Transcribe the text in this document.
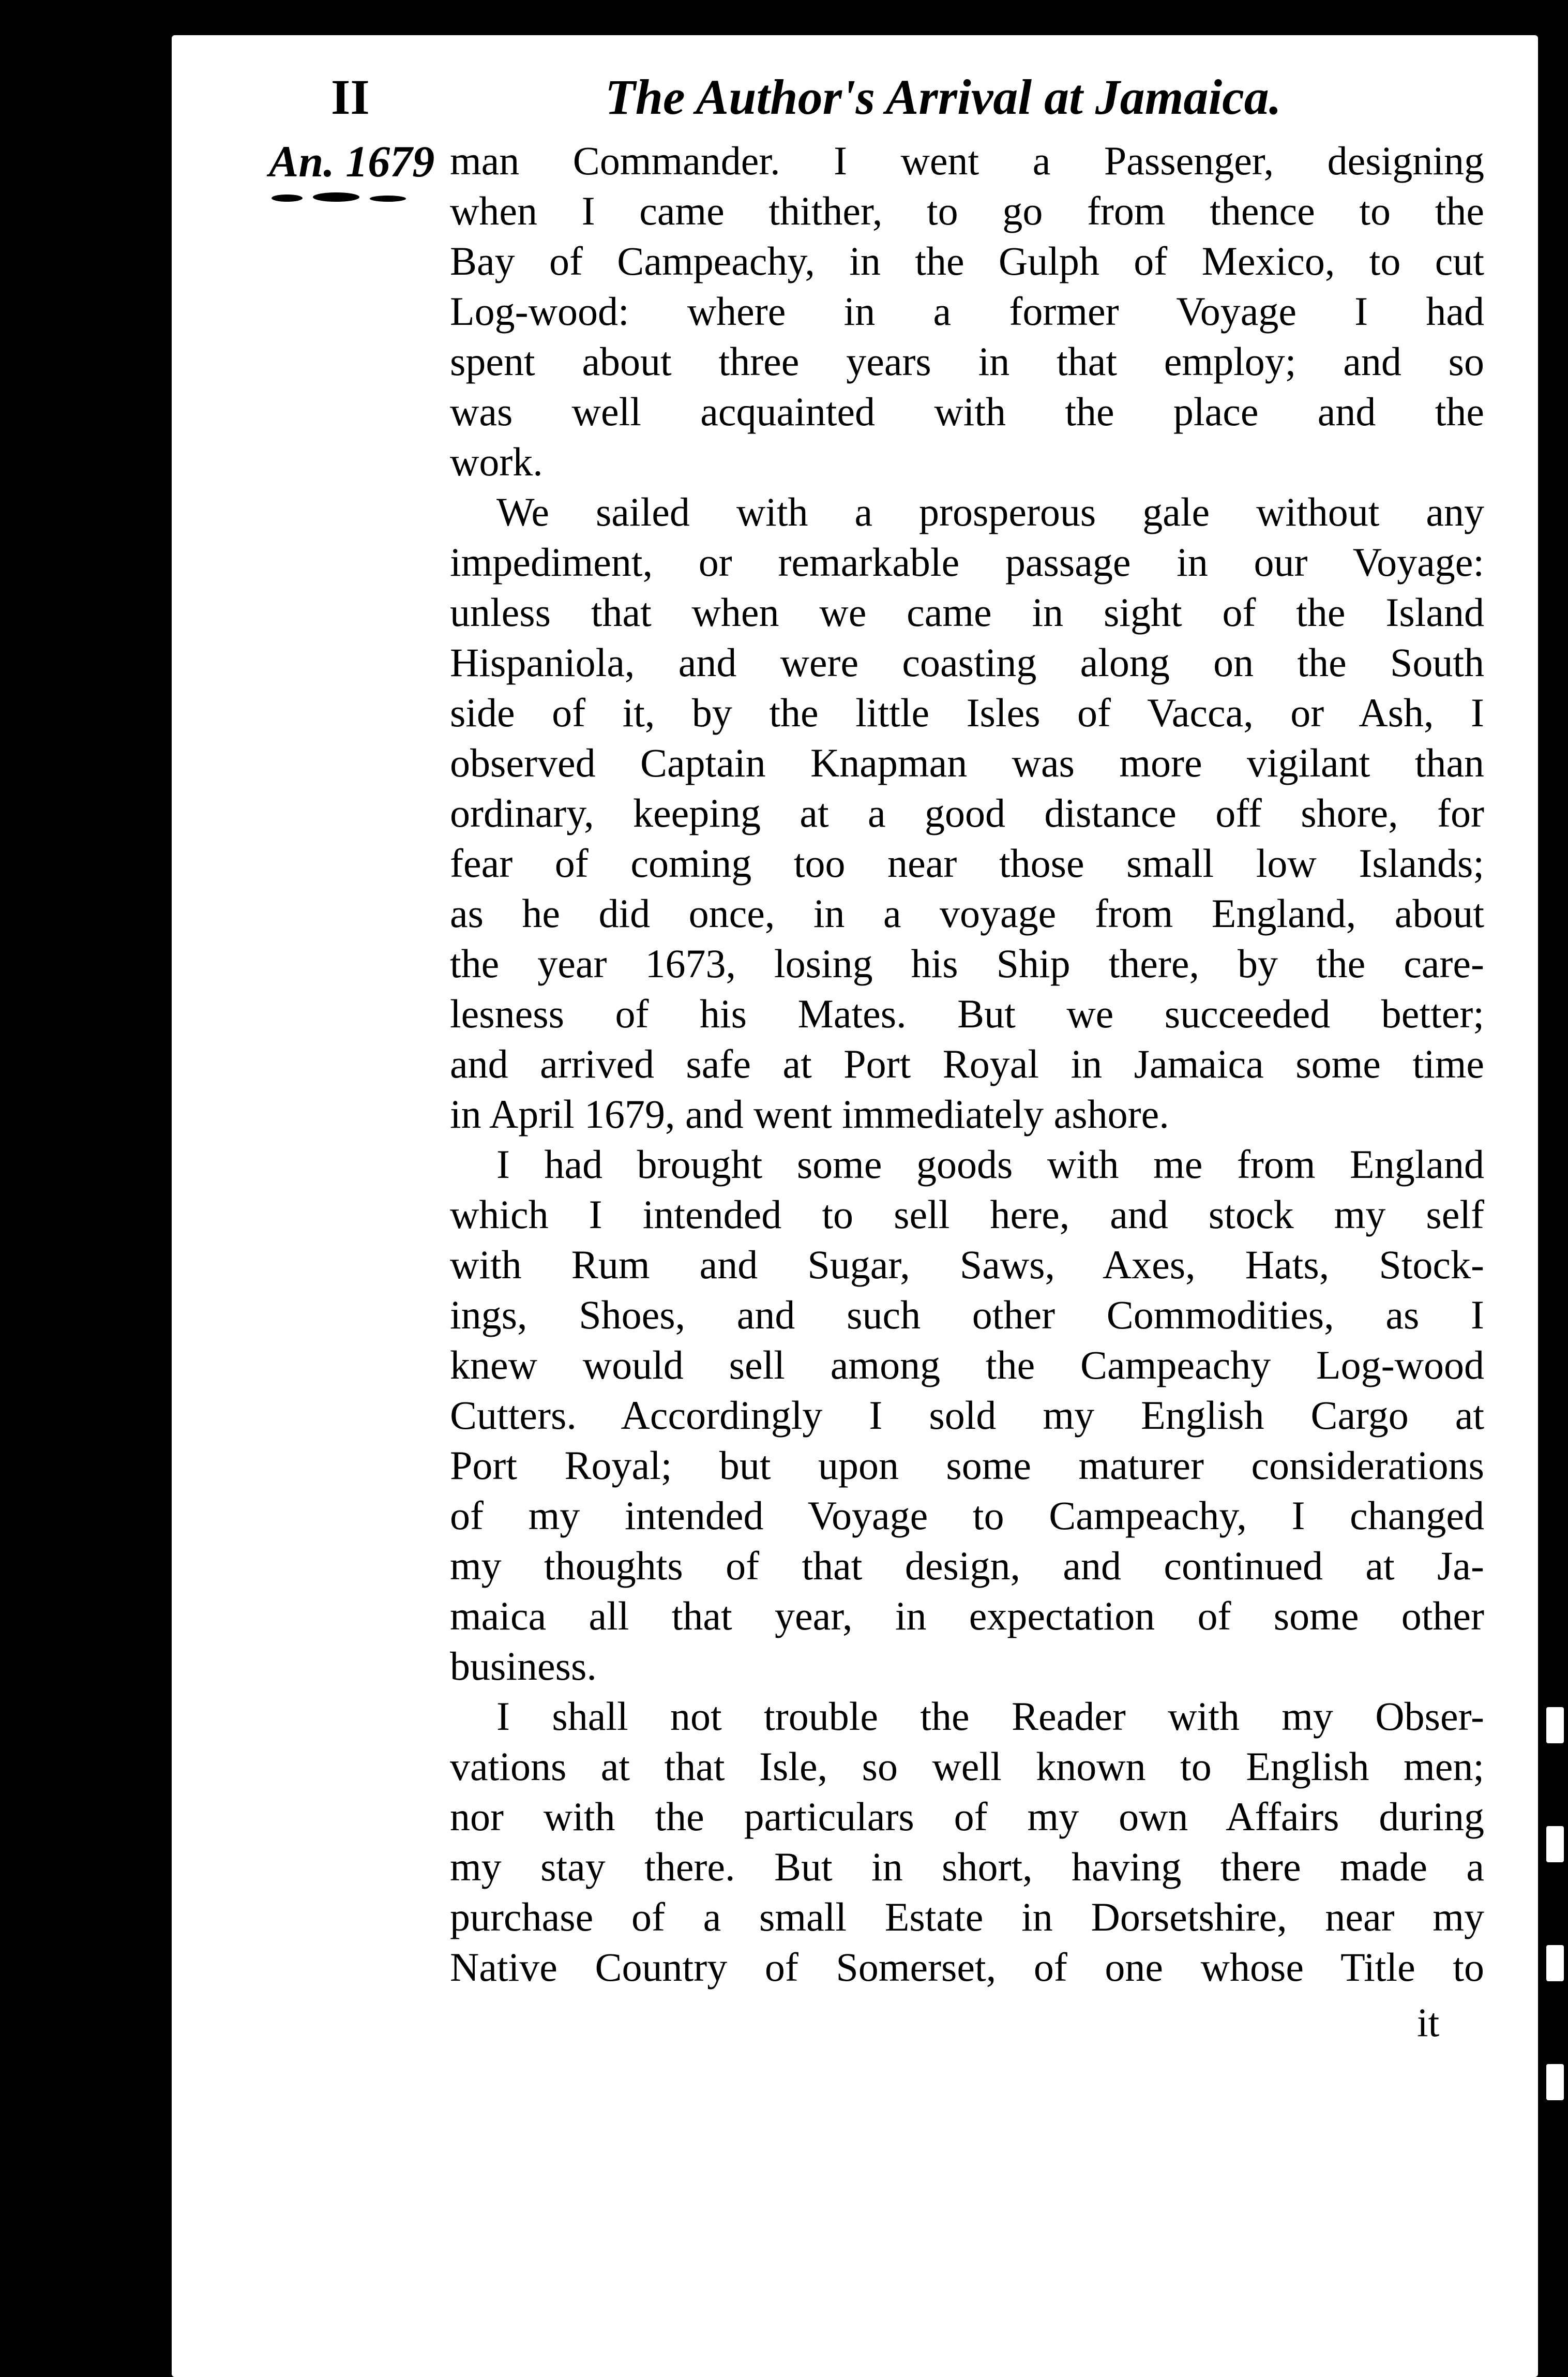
II	The Author's Arrival at Jamaica.
An. 1679 man Commander. I went a Passenger, designing
when I came thither, to go from thence to the
Bay of Campeachy, in the Gulph of Mexico, to cut
Log-wood: where in a former Voyage I had
spent about three years in that employ; and so
was well acquainted with the place and the
work.
We sailed with a prosperous gale without any
impediment, or remarkable passage in our Voyage:
unless that when we came in sight of the Island
Hispaniola, and were coasting along on the South
side of it, by the little Isles of Vacca, or Ash, I
observed Captain Knapman was more vigilant than
ordinary, keeping at a good distance off shore, for
fear of coming too near those small low Islands;
as he did once, in a voyage from England, about
the year 1673, losing his Ship there, by the care-
lesness of his Mates. But we succeeded better;
and arrived safe at Port Royal in Jamaica some time
in April 1679, and went immediately ashore.
I had brought some goods with me from England
which I intended to sell here, and stock my self
with Rum and Sugar, Saws, Axes, Hats, Stock-
ings, Shoes, and such other Commodities, as I
knew would sell among the Campeachy Log-wood
Cutters. Accordingly I sold my English Cargo at
Port Royal; but upon some maturer considerations
of my intended Voyage to Campeachy, I changed
my thoughts of that design, and continued at Ja-
maica all that year, in expectation of some other
business.
I shall not trouble the Reader with my Obser-
vations at that Isle, so well known to English men;
nor with the particulars of my own Affairs during
my stay there. But in short, having there made a
purchase of a small Estate in Dorsetshire, near my
Native Country of Somerset, of one whose Title to
it
